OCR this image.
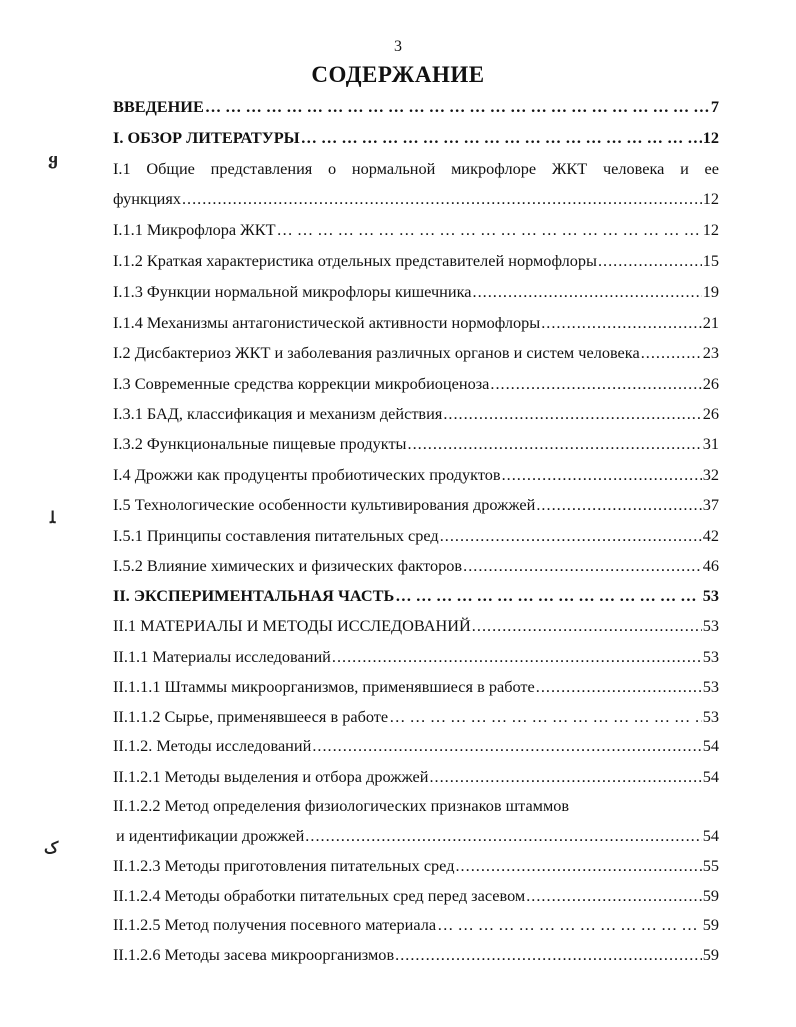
3
СОДЕРЖАНИЕ
ყ
ﻠ
ﮎ
ВВЕДЕНИЕ … … … … … … … … … … … … … … … … … … … … … … … … … … … … … … … … … … … … … … … … … … … … … … … … … … … … … … … … … … … … … … … … …	7
I. ОБЗОР ЛИТЕРАТУРЫ … … … … … … … … … … … … … … … … … … … … … … … … … … … … … … … … … … … … … … … … … … … … … … … … … … … … … … … … … … … … … … … … …	12
I.1 Общие представления о нормальной микрофлоре ЖКТ человека и ее
функциях .....	12
I.1.1 Микрофлора ЖКТ … … … … … … … … … … … … … … … … … … … … … … … … … … … … … … … … … … … … … … … … … … … … … … … … … … … … … … … … … … … … … … … … …	12
I.1.2 Краткая характеристика отдельных представителей нормофлоры .....	15
I.1.3 Функции нормальной микрофлоры кишечника .....	19
I.1.4 Механизмы антагонистической активности нормофлоры .....	21
I.2 Дисбактериоз ЖКТ и заболевания различных органов и систем человека .....	23
I.3 Современные средства коррекции микробиоценоза .....	26
I.3.1 БАД, классификация и механизм действия .....	26
I.3.2 Функциональные пищевые продукты .....	31
I.4 Дрожжи как продуценты пробиотических продуктов .....	32
I.5 Технологические особенности культивирования дрожжей .....	37
I.5.1 Принципы составления питательных сред .....	42
I.5.2 Влияние химических и физических факторов .....	46
II. ЭКСПЕРИМЕНТАЛЬНАЯ ЧАСТЬ … … … … … … … … … … … … … … … … … … … … … … … … … … … … … … … … … … … … … … … … … … … … … … … … … … … … … … … … … … … … … … … … …	53
II.1 МАТЕРИАЛЫ И МЕТОДЫ ИССЛЕДОВАНИЙ .....	53
II.1.1 Материалы исследований .....	53
II.1.1.1 Штаммы микроорганизмов, применявшиеся в работе .....	53
II.1.1.2 Сырье, применявшееся в работе … … … … … … … … … … … … … … … … … … … … … … … … … … … … … … … … … … … … … … … … … … … … … … … … … … … … … … … … … … … … … … … … …	53
II.1.2. Методы исследований .....	54
II.1.2.1 Методы выделения и отбора дрожжей .....	54
II.1.2.2 Метод определения физиологических признаков штаммов
и идентификации дрожжей .....	54
II.1.2.3 Методы приготовления питательных сред .....	55
II.1.2.4 Методы обработки питательных сред перед засевом .....	59
II.1.2.5 Метод получения посевного материала … … … … … … … … … … … … … … … … … … … … … … … … … … … … … … … … … … … … … … … … … … … … … … … … … … … … … … … … … … … … … … … … …	59
II.1.2.6 Методы засева микроорганизмов .....	59
